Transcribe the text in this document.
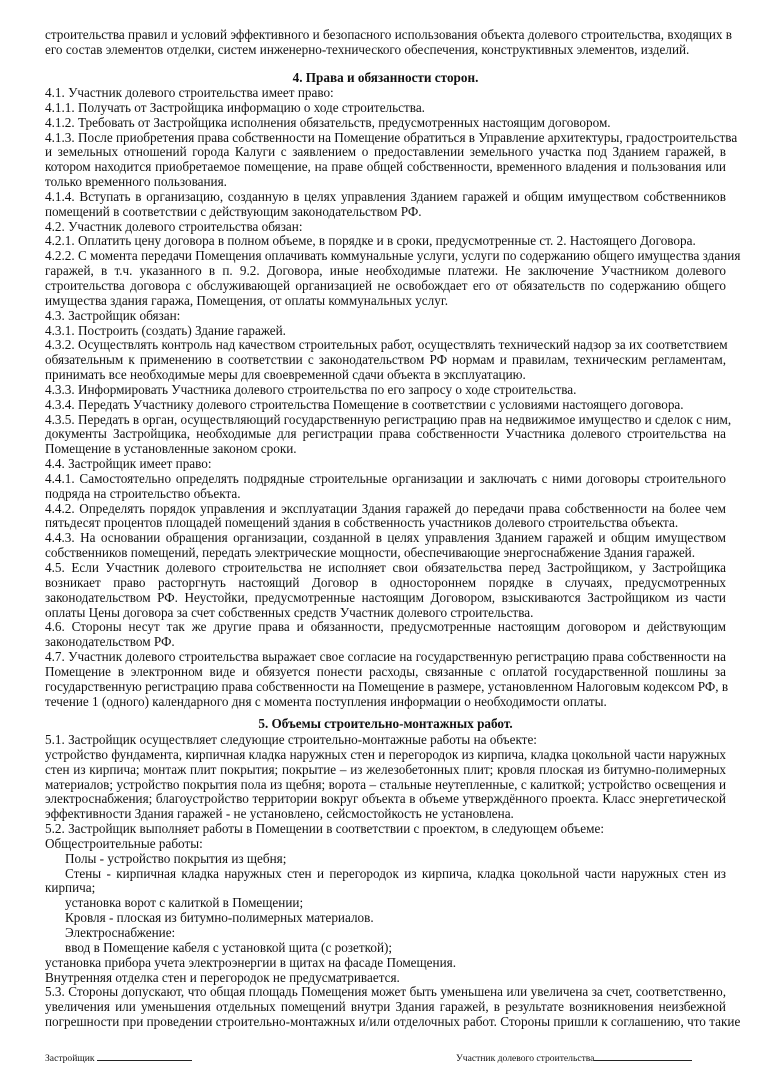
строительства правил и условий эффективного и безопасного использования объекта долевого строительства, входящих в
его состав элементов отделки, систем инженерно-технического обеспечения, конструктивных элементов, изделий.
4. Права и обязанности сторон.
4.1. Участник долевого строительства имеет право:
4.1.1. Получать от Застройщика информацию о ходе строительства.
4.1.2. Требовать от Застройщика исполнения обязательств, предусмотренных настоящим договором.
4.1.3. После приобретения права собственности на Помещение обратиться в Управление архитектуры, градостроительства
и земельных отношений города Калуги с заявлением о предоставлении земельного участка под Зданием гаражей, в
котором находится приобретаемое помещение, на праве общей собственности, временного владения и пользования или
только временного пользования.
4.1.4. Вступать в организацию, созданную в целях управления Зданием гаражей и общим имуществом собственников
помещений в соответствии с действующим законодательством РФ.
4.2. Участник долевого строительства обязан:
4.2.1. Оплатить цену договора в полном объеме, в порядке и в сроки, предусмотренные ст. 2. Настоящего Договора.
4.2.2. С момента передачи Помещения оплачивать коммунальные услуги, услуги по содержанию общего имущества здания
гаражей, в т.ч. указанного в п. 9.2. Договора, иные необходимые платежи. Не заключение Участником долевого
строительства договора с обслуживающей организацией не освобождает его от обязательств по содержанию общего
имущества здания гаража, Помещения, от оплаты коммунальных услуг.
4.3. Застройщик обязан:
4.3.1. Построить (создать) Здание гаражей.
4.3.2. Осуществлять контроль над качеством строительных работ, осуществлять технический надзор за их соответствием
обязательным к применению в соответствии с законодательством РФ нормам и правилам, техническим регламентам,
принимать все необходимые меры для своевременной сдачи объекта в эксплуатацию.
4.3.3. Информировать Участника долевого строительства по его запросу о ходе строительства.
4.3.4. Передать Участнику долевого строительства Помещение в соответствии с условиями настоящего договора.
4.3.5. Передать в орган, осуществляющий государственную регистрацию прав на недвижимое имущество и сделок с ним,
документы Застройщика, необходимые для регистрации права собственности Участника долевого строительства на
Помещение в установленные законом сроки.
4.4. Застройщик имеет право:
4.4.1. Самостоятельно определять подрядные строительные организации и заключать с ними договоры строительного
подряда на строительство объекта.
4.4.2. Определять порядок управления и эксплуатации Здания гаражей до передачи права собственности на более чем
пятьдесят процентов площадей помещений здания в собственность участников долевого строительства объекта.
4.4.3. На основании обращения организации, созданной в целях управления Зданием гаражей и общим имуществом
собственников помещений, передать электрические мощности, обеспечивающие энергоснабжение Здания гаражей.
4.5. Если Участник долевого строительства не исполняет свои обязательства перед Застройщиком, у Застройщика
возникает право расторгнуть настоящий Договор в одностороннем порядке в случаях, предусмотренных
законодательством РФ. Неустойки, предусмотренные настоящим Договором, взыскиваются Застройщиком из части
оплаты Цены договора за счет собственных средств Участник долевого строительства.
4.6. Стороны несут так же другие права и обязанности, предусмотренные настоящим договором и действующим
законодательством РФ.
4.7. Участник долевого строительства выражает свое согласие на государственную регистрацию права собственности на
Помещение в электронном виде и обязуется понести расходы, связанные с оплатой государственной пошлины за
государственную регистрацию права собственности на Помещение в размере, установленном Налоговым кодексом РФ, в
течение 1 (одного) календарного дня с момента поступления информации о необходимости оплаты.
5. Объемы строительно-монтажных работ.
5.1. Застройщик осуществляет следующие строительно-монтажные работы на объекте:
устройство фундамента, кирпичная кладка наружных стен и перегородок из кирпича, кладка цокольной части наружных
стен из кирпича; монтаж плит покрытия; покрытие – из железобетонных плит; кровля плоская из битумно-полимерных
материалов; устройство покрытия пола из щебня; ворота – стальные неутепленные, с калиткой; устройство освещения и
электроснабжения; благоустройство территории вокруг объекта в объеме утверждённого проекта. Класс энергетической
эффективности Здания гаражей - не установлено, сейсмостойкость не установлена.
5.2. Застройщик выполняет работы в Помещении в соответствии с проектом, в следующем объеме:
Общестроительные работы:
Полы - устройство покрытия из щебня;
Стены - кирпичная кладка наружных стен и перегородок из кирпича, кладка цокольной части наружных стен из
кирпича;
установка ворот с калиткой в Помещении;
Кровля - плоская из битумно-полимерных материалов.
Электроснабжение:
ввод в Помещение кабеля с установкой щита (с розеткой);
установка прибора учета электроэнергии в щитах на фасаде Помещения.
Внутренняя отделка стен и перегородок не предусматривается.
5.3. Стороны допускают, что общая площадь Помещения может быть уменьшена или увеличена за счет, соответственно,
увеличения или уменьшения отдельных помещений внутри Здания гаражей, в результате возникновения неизбежной
погрешности при проведении строительно-монтажных и/или отделочных работ. Стороны пришли к соглашению, что такие
Застройщик	Участник долевого строительства
